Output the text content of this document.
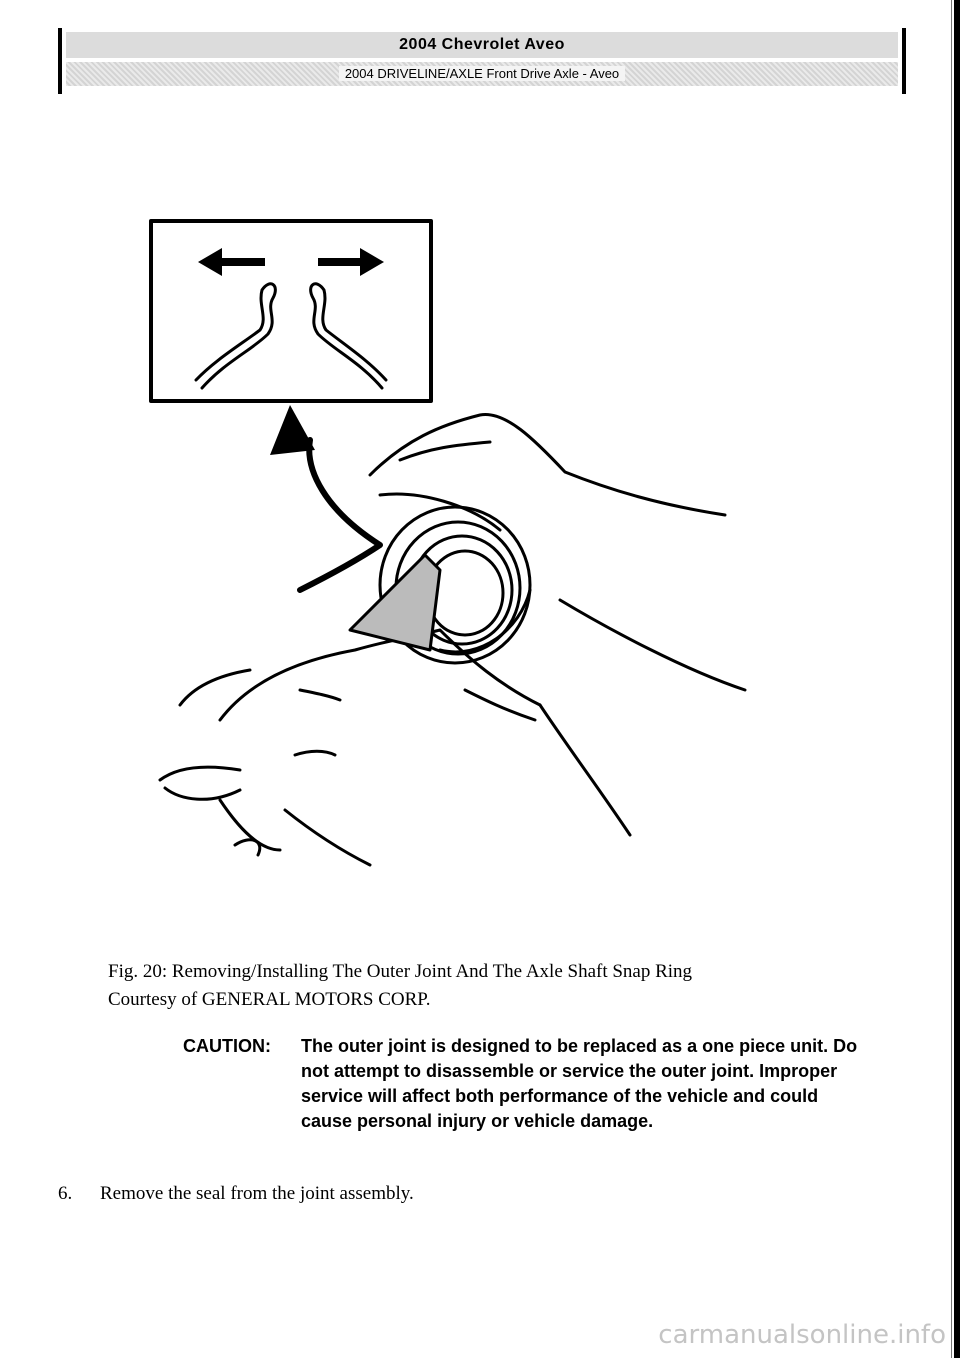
2004 Chevrolet Aveo
2004 DRIVELINE/AXLE Front Drive Axle - Aveo
Fig. 20: Removing/Installing The Outer Joint And The Axle Shaft Snap Ring
Courtesy of GENERAL MOTORS CORP.
CAUTION: The outer joint is designed to be replaced as a one piece unit. Do not attempt to disassemble or service the outer joint. Improper service will affect both performance of the vehicle and could cause personal injury or vehicle damage.
6. Remove the seal from the joint assembly.
carmanualsonline.info
